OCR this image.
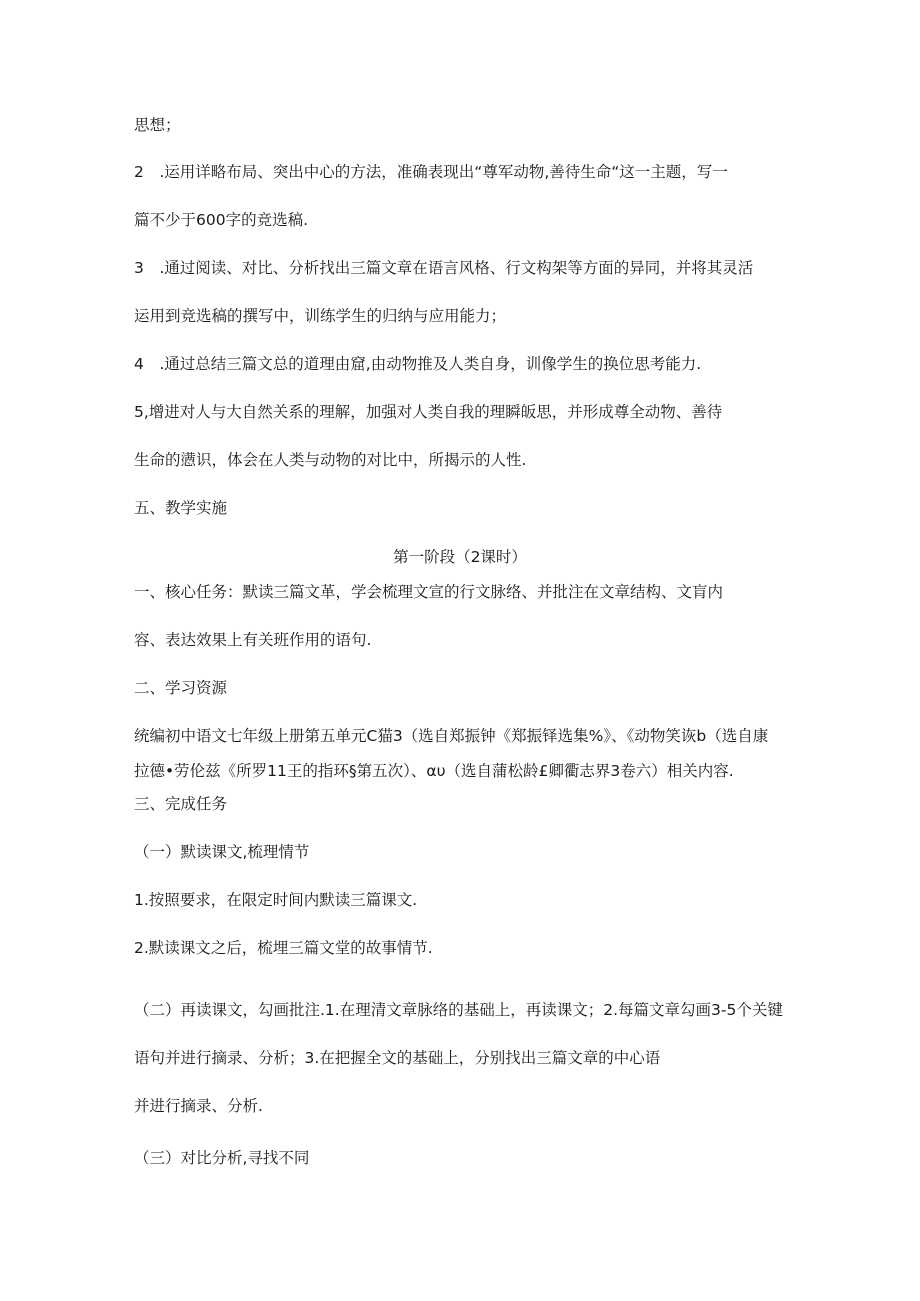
思想；
2 .运用详略布局、突出中心的方法，准确表现出“尊军动物,善待生命“这一主题，写一
篇不少于600字的竞选稿.
3 .通过阅读、对比、分析找出三篇文章在语言风格、行文构架等方面的异同，并将其灵活
运用到竞选稿的撰写中，训练学生的归纳与应用能力；
4 .通过总结三篇文总的道理由窟,由动物推及人类自身，训像学生的换位思考能力.
5,增进对人与大自然关系的理解，加强对人类自我的理瞬皈思，并形成尊全动物、善待
生命的懑识，体会在人类与动物的对比中，所揭示的人性.
五、教学实施
第一阶段（2课时）
一、核心任务：默读三篇文革，学会梳理文宣的行文脉络、并批注在文章结构、文肓内
容、表达效果上有关班作用的语句.
二、学习资源
统编初中语文七年级上册第五单元C猫3（选自郑振钟《郑振铎选集%》、《动物笑诙b（选自康
拉德•劳伦兹《所罗11王的指环§第五次）、αυ（选自蒲松龄£卿衢志界3卷六）相关内容.
三、完成任务
（一）默读课文,梳理情节
1.按照要求，在限定时间内默读三篇课文.
2.默读课文之后，梳埋三篇文堂的故事情节.
（二）再读课文，勾画批注.1.在理清文章脉络的基础上，再读课文；2.每篇文章勾画3-5个关键
语句并进行摘录、分析；3.在把握全文的基础上，分别找出三篇文章的中心语
并进行摘录、分析.
（三）对比分析,寻找不同
